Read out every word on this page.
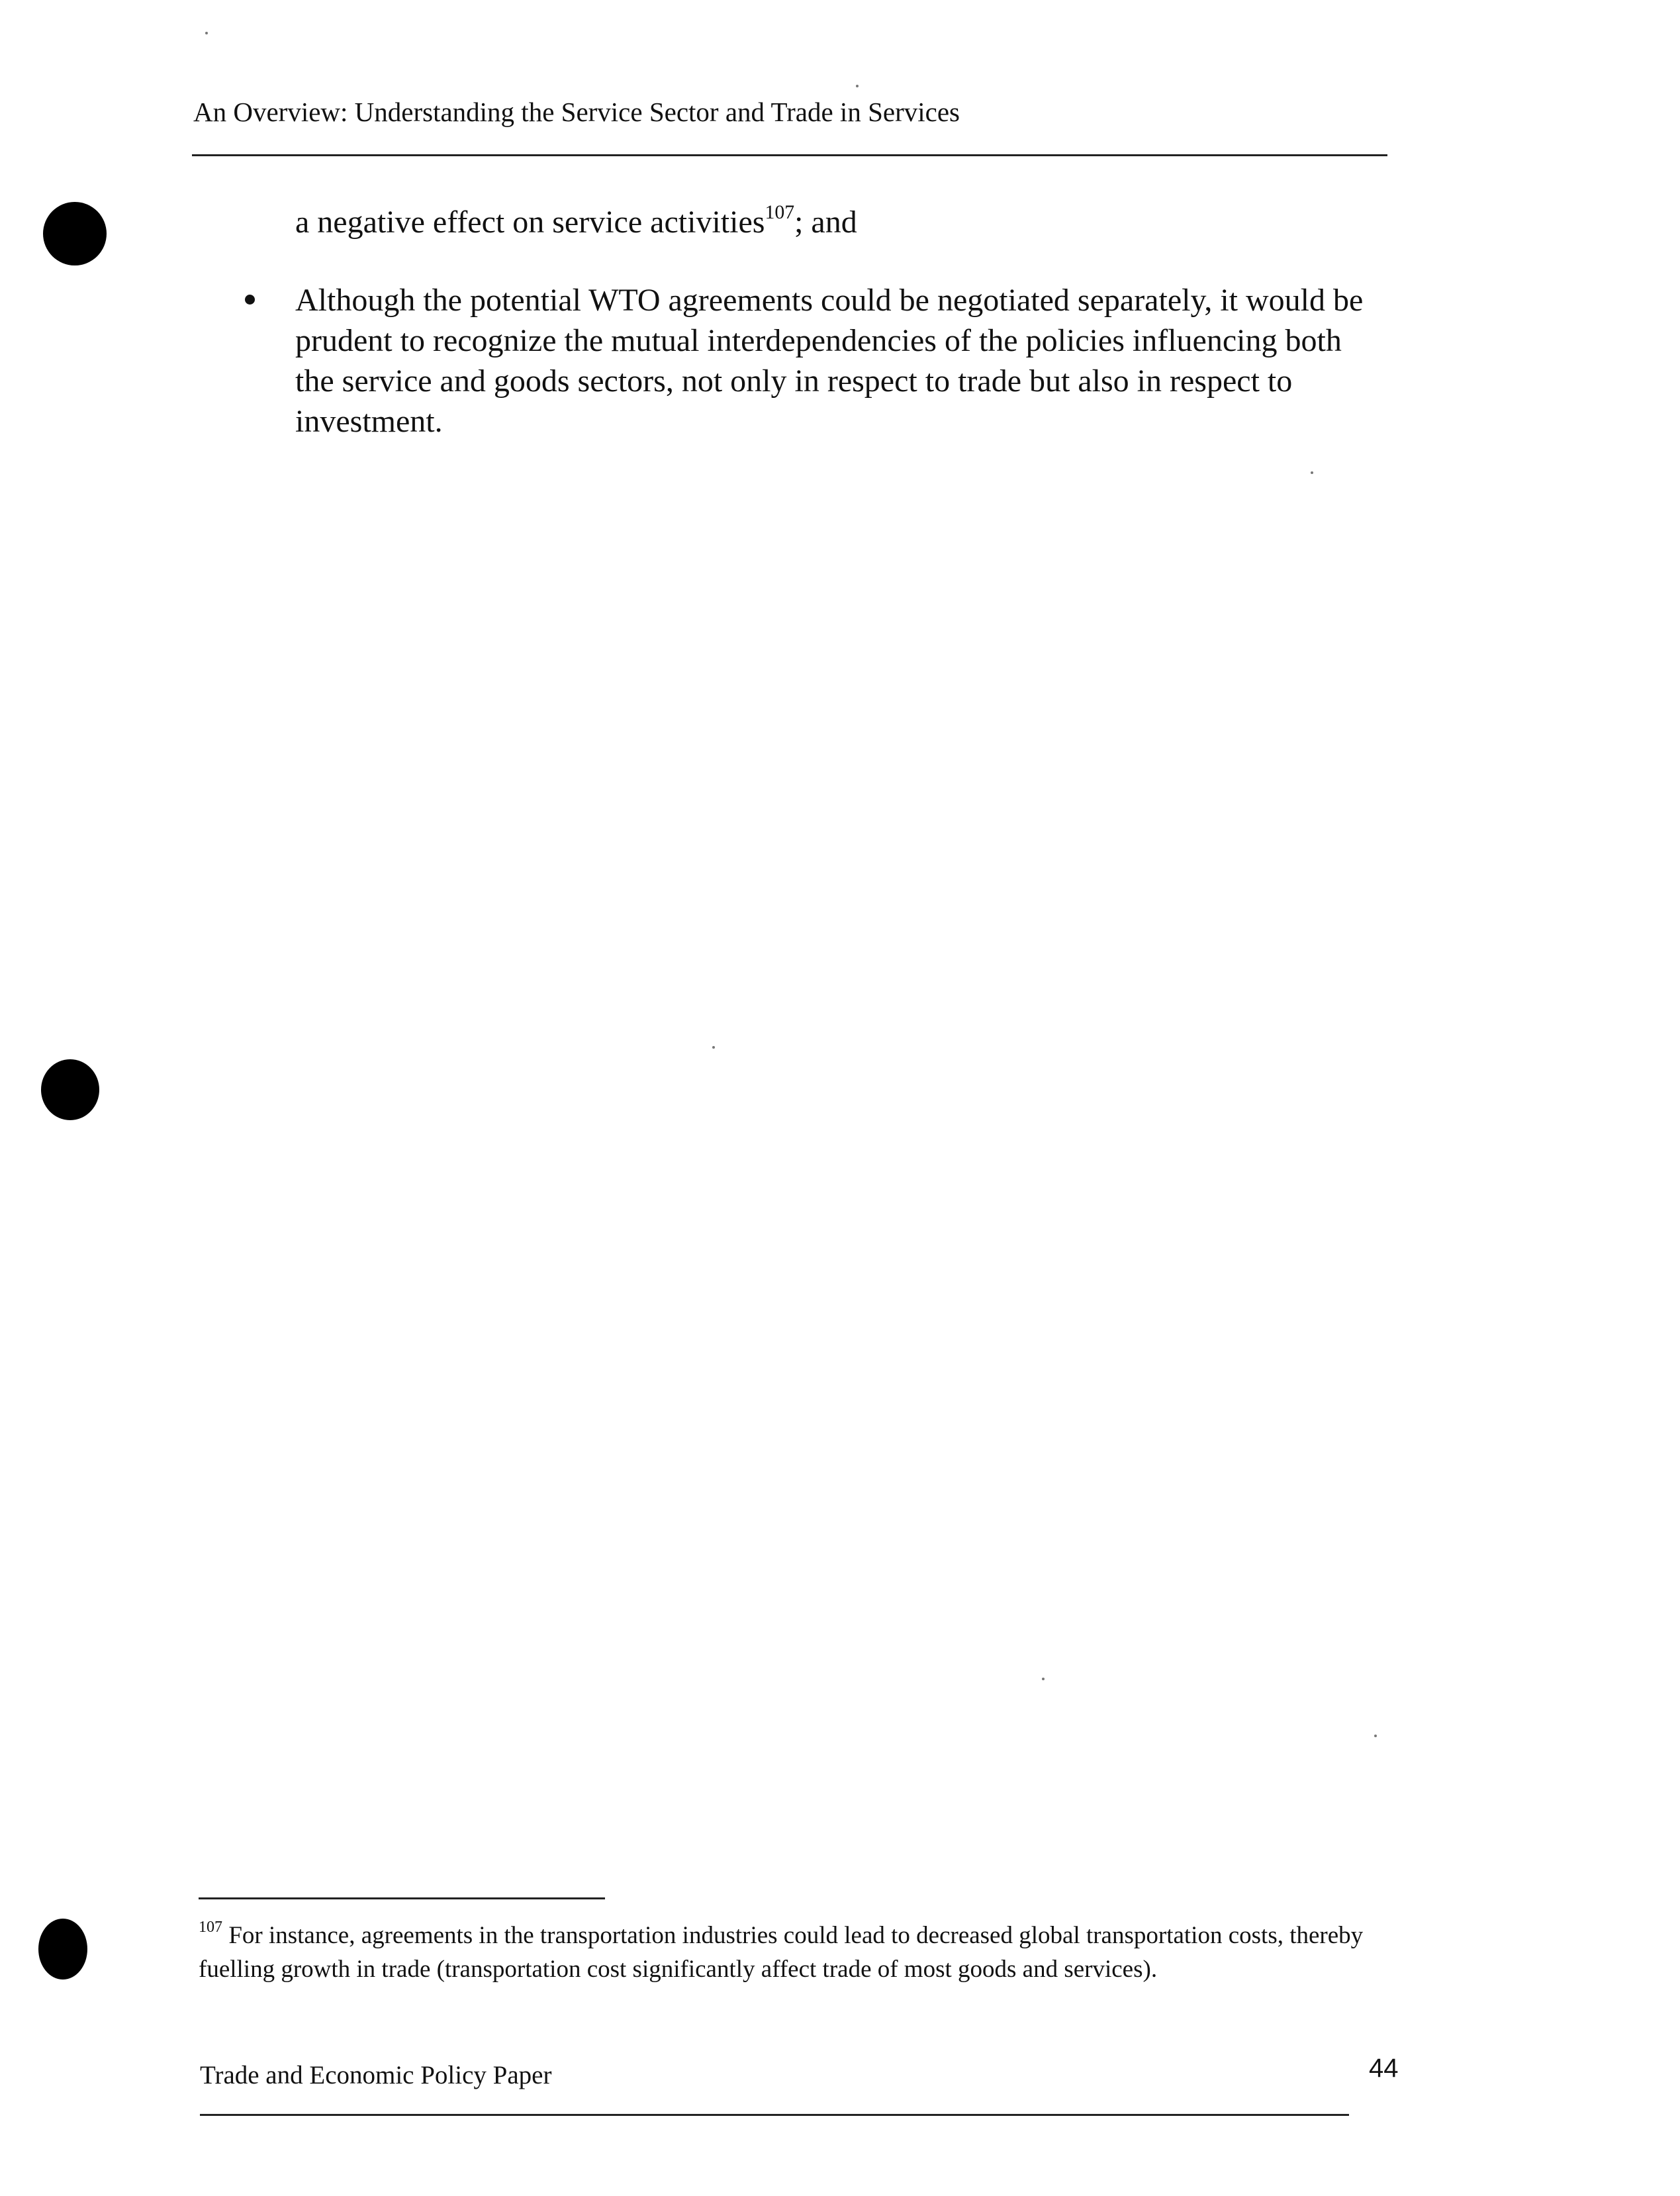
An Overview: Understanding the Service Sector and Trade in Services

a negative effect on service activities$^{107}$; and

Although the potential WTO agreements could be negotiated separately, it would be prudent to recognize the mutual interdependencies of the policies influencing both the service and goods sectors, not only in respect to trade but also in respect to investment.

$^{107}$ For instance, agreements in the transportation industries could lead to decreased global transportation costs, thereby fuelling growth in trade (transportation cost significantly affect trade of most goods and services).
Trade and Economic Policy Paper	44
